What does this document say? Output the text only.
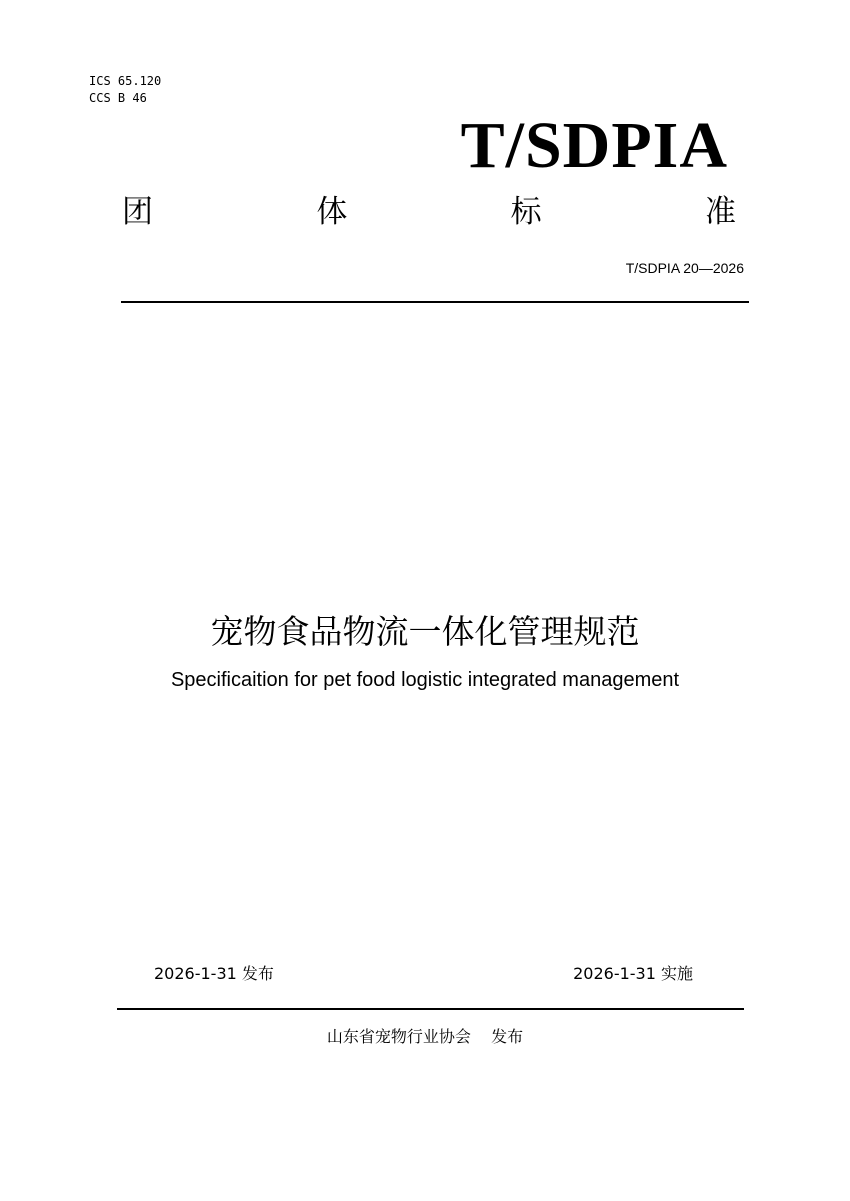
ICS 65.120
CCS B 46
T/SDPIA
团	体	标	准
T/SDPIA 20—2026
宠物食品物流一体化管理规范
Specificaition for pet food logistic integrated management
2026-1-31 发布	2026-1-31 实施
山东省宠物行业协会    发布
